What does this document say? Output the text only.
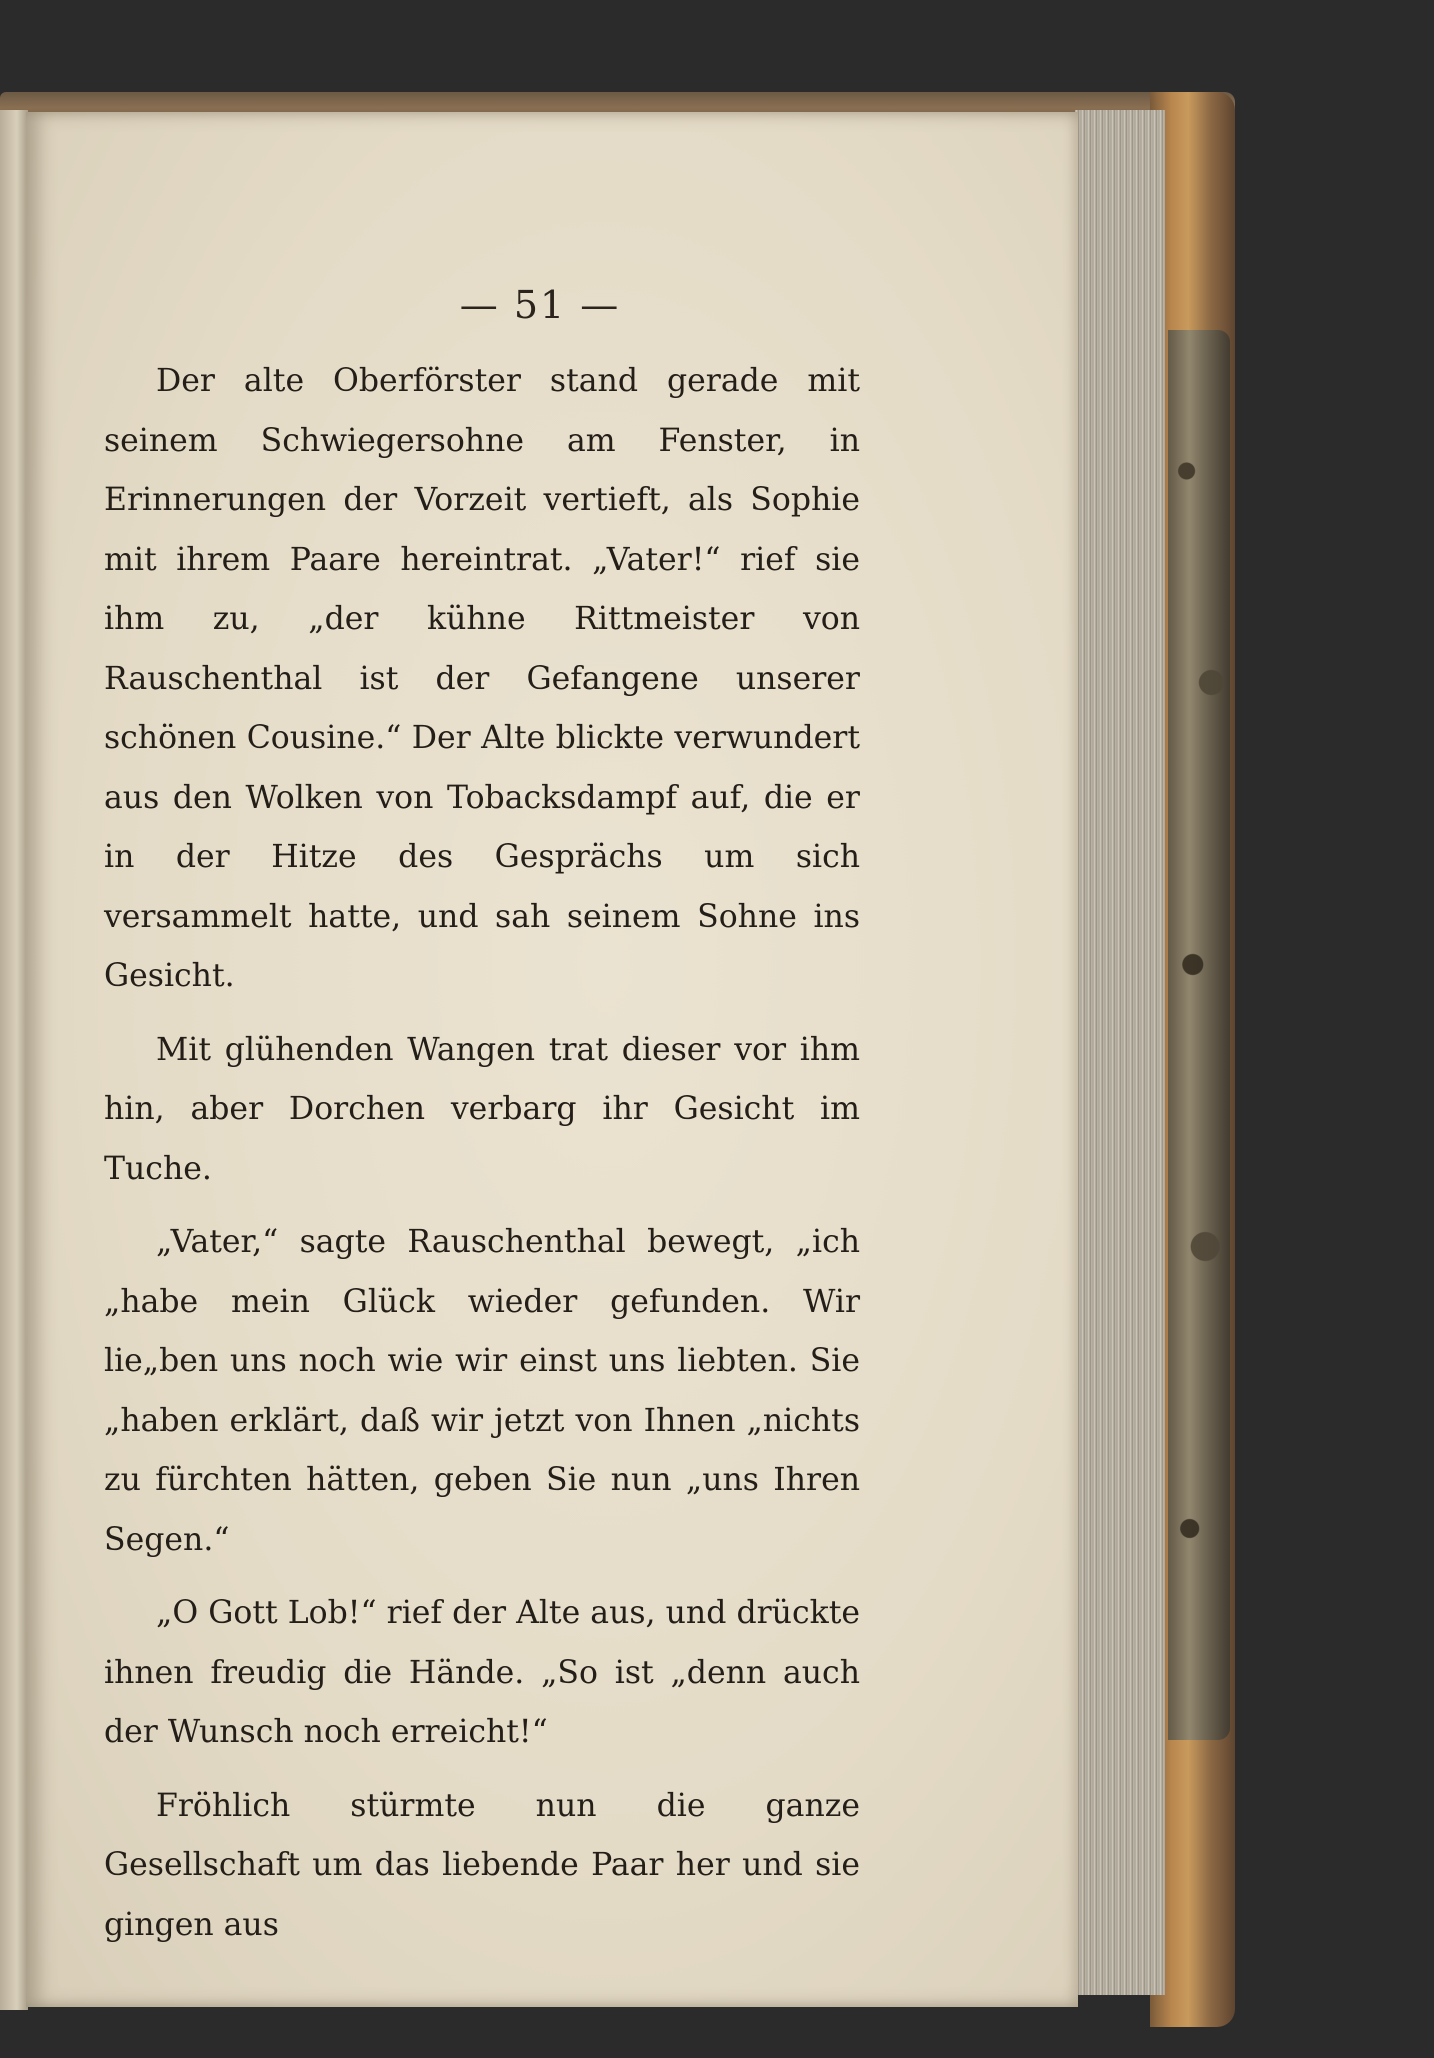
— 51 —

Der alte Oberförster stand gerade mit seinem Schwiegersohne am Fenster, in Erinnerungen der Vorzeit vertieft, als Sophie mit ihrem Paare hereintrat. „Vater!“ rief sie ihm zu, „der kühne Rittmeister von Rauschenthal ist der Gefangene unserer schönen Cousine.“ Der Alte blickte verwundert aus den Wolken von Tobacksdampf auf, die er in der Hitze des Gesprächs um sich versammelt hatte, und sah seinem Sohne ins Gesicht.

Mit glühenden Wangen trat dieser vor ihm hin, aber Dorchen verbarg ihr Gesicht im Tuche.

„Vater,“ sagte Rauschenthal bewegt, „ich „habe mein Glück wieder gefunden. Wir lie„ben uns noch wie wir einst uns liebten. Sie „haben erklärt, daß wir jetzt von Ihnen „nichts zu fürchten hätten, geben Sie nun „uns Ihren Segen.“

„O Gott Lob!“ rief der Alte aus, und drückte ihnen freudig die Hände. „So ist „denn auch der Wunsch noch erreicht!“

Fröhlich stürmte nun die ganze Gesellschaft um das liebende Paar her und sie gingen aus
